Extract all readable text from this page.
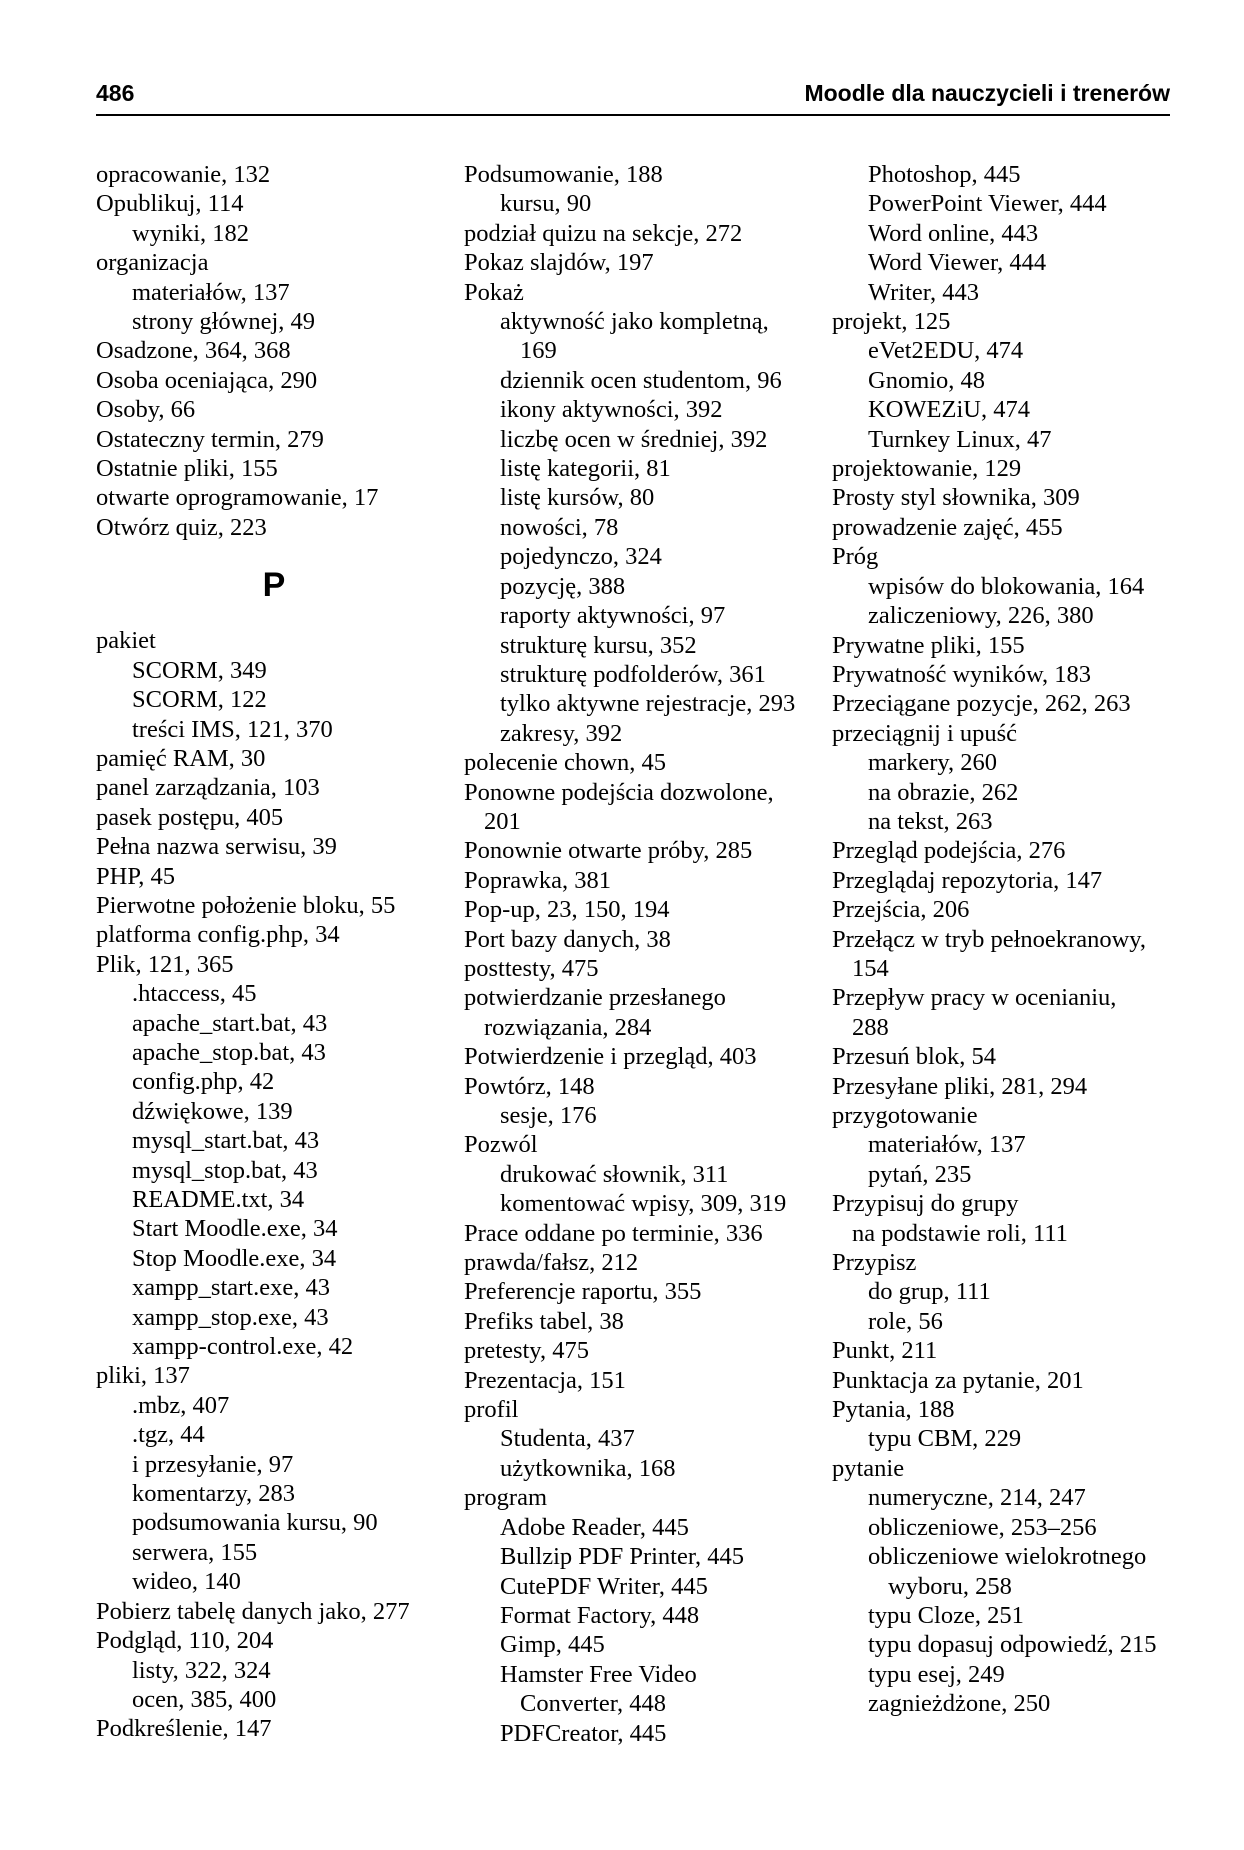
486	Moodle dla nauczycieli i trenerów
opracowanie, 132
Opublikuj, 114
wyniki, 182
organizacja
materiałów, 137
strony głównej, 49
Osadzone, 364, 368
Osoba oceniająca, 290
Osoby, 66
Ostateczny termin, 279
Ostatnie pliki, 155
otwarte oprogramowanie, 17
Otwórz quiz, 223
P
pakiet
SCORM, 349
SCORM, 122
treści IMS, 121, 370
pamięć RAM, 30
panel zarządzania, 103
pasek postępu, 405
Pełna nazwa serwisu, 39
PHP, 45
Pierwotne położenie bloku, 55
platforma config.php, 34
Plik, 121, 365
.htaccess, 45
apache_start.bat, 43
apache_stop.bat, 43
config.php, 42
dźwiękowe, 139
mysql_start.bat, 43
mysql_stop.bat, 43
README.txt, 34
Start Moodle.exe, 34
Stop Moodle.exe, 34
xampp_start.exe, 43
xampp_stop.exe, 43
xampp-control.exe, 42
pliki, 137
.mbz, 407
.tgz, 44
i przesyłanie, 97
komentarzy, 283
podsumowania kursu, 90
serwera, 155
wideo, 140
Pobierz tabelę danych jako, 277
Podgląd, 110, 204
listy, 322, 324
ocen, 385, 400
Podkreślenie, 147
Podsumowanie, 188
kursu, 90
podział quizu na sekcje, 272
Pokaz slajdów, 197
Pokaż
aktywność jako kompletną,
169
dziennik ocen studentom, 96
ikony aktywności, 392
liczbę ocen w średniej, 392
listę kategorii, 81
listę kursów, 80
nowości, 78
pojedynczo, 324
pozycję, 388
raporty aktywności, 97
strukturę kursu, 352
strukturę podfolderów, 361
tylko aktywne rejestracje, 293
zakresy, 392
polecenie chown, 45
Ponowne podejścia dozwolone,
201
Ponownie otwarte próby, 285
Poprawka, 381
Pop-up, 23, 150, 194
Port bazy danych, 38
posttesty, 475
potwierdzanie przesłanego
rozwiązania, 284
Potwierdzenie i przegląd, 403
Powtórz, 148
sesje, 176
Pozwól
drukować słownik, 311
komentować wpisy, 309, 319
Prace oddane po terminie, 336
prawda/fałsz, 212
Preferencje raportu, 355
Prefiks tabel, 38
pretesty, 475
Prezentacja, 151
profil
Studenta, 437
użytkownika, 168
program
Adobe Reader, 445
Bullzip PDF Printer, 445
CutePDF Writer, 445
Format Factory, 448
Gimp, 445
Hamster Free Video
Converter, 448
PDFCreator, 445
Photoshop, 445
PowerPoint Viewer, 444
Word online, 443
Word Viewer, 444
Writer, 443
projekt, 125
eVet2EDU, 474
Gnomio, 48
KOWEZiU, 474
Turnkey Linux, 47
projektowanie, 129
Prosty styl słownika, 309
prowadzenie zajęć, 455
Próg
wpisów do blokowania, 164
zaliczeniowy, 226, 380
Prywatne pliki, 155
Prywatność wyników, 183
Przeciągane pozycje, 262, 263
przeciągnij i upuść
markery, 260
na obrazie, 262
na tekst, 263
Przegląd podejścia, 276
Przeglądaj repozytoria, 147
Przejścia, 206
Przełącz w tryb pełnoekranowy,
154
Przepływ pracy w ocenianiu,
288
Przesuń blok, 54
Przesyłane pliki, 281, 294
przygotowanie
materiałów, 137
pytań, 235
Przypisuj do grupy
na podstawie roli, 111
Przypisz
do grup, 111
role, 56
Punkt, 211
Punktacja za pytanie, 201
Pytania, 188
typu CBM, 229
pytanie
numeryczne, 214, 247
obliczeniowe, 253–256
obliczeniowe wielokrotnego
wyboru, 258
typu Cloze, 251
typu dopasuj odpowiedź, 215
typu esej, 249
zagnieżdżone, 250
